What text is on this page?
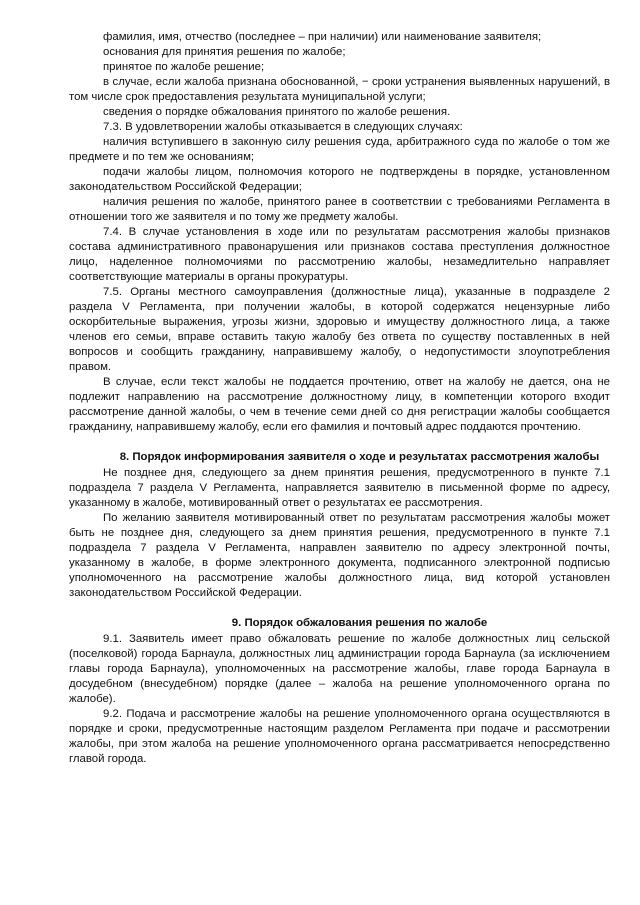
фамилия, имя, отчество (последнее – при наличии) или наименование заявителя;

основания для принятия решения по жалобе;

принятое по жалобе решение;

в случае, если жалоба признана обоснованной, − сроки устранения выявленных нарушений, в том числе срок предоставления результата муниципальной услуги;

сведения о порядке обжалования принятого по жалобе решения.

7.3. В удовлетворении жалобы отказывается в следующих случаях:

наличия вступившего в законную силу решения суда, арбитражного суда по жалобе о том же предмете и по тем же основаниям;

подачи жалобы лицом, полномочия которого не подтверждены в порядке, установленном законодательством Российской Федерации;

наличия решения по жалобе, принятого ранее в соответствии с требованиями Регламента в отношении того же заявителя и по тому же предмету жалобы.

7.4. В случае установления в ходе или по результатам рассмотрения жалобы признаков состава административного правонарушения или признаков состава преступления должностное лицо, наделенное полномочиями по рассмотрению жалобы, незамедлительно направляет соответствующие материалы в органы прокуратуры.

7.5. Органы местного самоуправления (должностные лица), указанные в подразделе 2 раздела V Регламента, при получении жалобы, в которой содержатся нецензурные либо оскорбительные выражения, угрозы жизни, здоровью и имуществу должностного лица, а также членов его семьи, вправе оставить такую жалобу без ответа по существу поставленных в ней вопросов и сообщить гражданину, направившему жалобу, о недопустимости злоупотребления правом.

В случае, если текст жалобы не поддается прочтению, ответ на жалобу не дается, она не подлежит направлению на рассмотрение должностному лицу, в компетенции которого входит рассмотрение данной жалобы, о чем в течение семи дней со дня регистрации жалобы сообщается гражданину, направившему жалобу, если его фамилия и почтовый адрес поддаются прочтению.

8. Порядок информирования заявителя о ходе и результатах рассмотрения жалобы

Не позднее дня, следующего за днем принятия решения, предусмотренного в пункте 7.1 подраздела 7 раздела V Регламента, направляется заявителю в письменной форме по адресу, указанному в жалобе, мотивированный ответ о результатах ее рассмотрения.

По желанию заявителя мотивированный ответ по результатам рассмотрения жалобы может быть не позднее дня, следующего за днем принятия решения, предусмотренного в пункте 7.1 подраздела 7 раздела V Регламента, направлен заявителю по адресу электронной почты, указанному в жалобе, в форме электронного документа, подписанного электронной подписью уполномоченного на рассмотрение жалобы должностного лица, вид которой установлен законодательством Российской Федерации.

9. Порядок обжалования решения по жалобе

9.1. Заявитель имеет право обжаловать решение по жалобе должностных лиц сельской (поселковой) города Барнаула, должностных лиц администрации города Барнаула (за исключением главы города Барнаула), уполномоченных на рассмотрение жалобы, главе города Барнаула в досудебном (внесудебном) порядке (далее – жалоба на решение уполномоченного органа по жалобе).

9.2. Подача и рассмотрение жалобы на решение уполномоченного органа осуществляются в порядке и сроки, предусмотренные настоящим разделом Регламента при подаче и рассмотрении жалобы, при этом жалоба на решение уполномоченного органа рассматривается непосредственно главой города.
